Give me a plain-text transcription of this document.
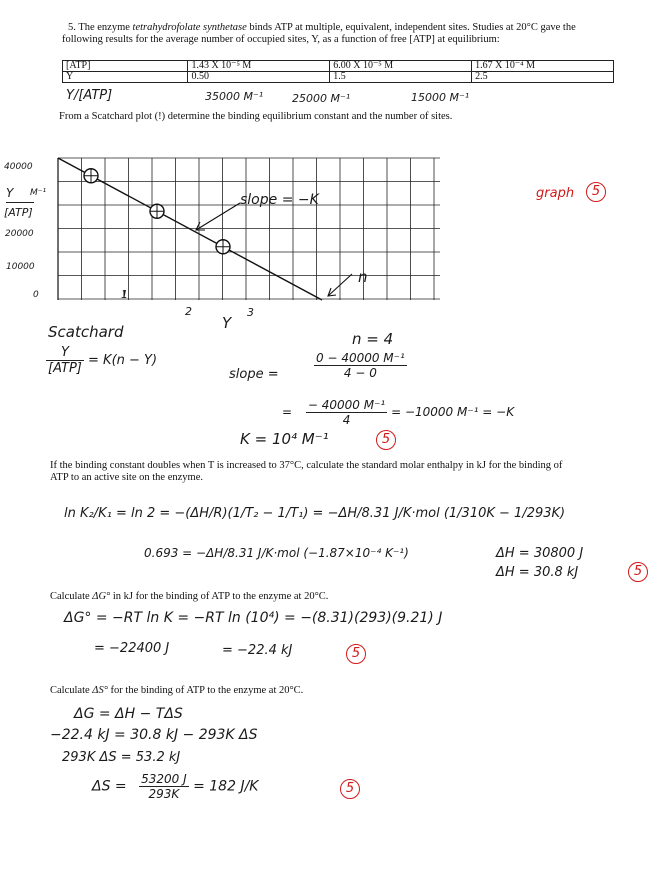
5. The enzyme tetrahydrofolate synthetase binds ATP at multiple, equivalent, independent sites. Studies at 20°C gave the
following results for the average number of occupied sites, Y, as a function of free [ATP] at equilibrium:
[ATP]	1.43 X 10⁻⁵ M	6.00 X 10⁻⁵ M	1.67 X 10⁻⁴ M
Y	0.50	1.5	2.5
Y/[ATP]	35000 M⁻¹	25000 M⁻¹	15000 M⁻¹
From a Scatchard plot (!) determine the binding equilibrium constant and the number of sites.
40000
Y M⁻¹
[ATP]
20000
10000
0
slope = −K
n
graph	5
1
2	3
Y
Scatchard
$\frac{Y}{\text{[ATP]}} = K(n - Y)$
n = 4
slope =	$\frac{\text{0 − 40000 M⁻¹}}{4 - 0}$
= $\frac{\text{− 40000 M⁻¹}}{4} = -10000$ M⁻¹ = −K
K = 10⁴ M⁻¹	5
If the binding constant doubles when T is increased to 37°C, calculate the standard molar enthalpy in kJ for the binding of
ATP to an active site on the enzyme.
ln K₂/K₁ = ln 2 = −(ΔH/R)(1/T₂ − 1/T₁) = −ΔH/8.31 J/K·mol (1/310K − 1/293K)
0.693 = −ΔH/8.31 J/K·mol (−1.87×10⁻⁴ K⁻¹)	ΔH = 30800 J
ΔH = 30.8 kJ	5
Calculate ΔG° in kJ for the binding of ATP to the enzyme at 20°C.
ΔG° = −RT ln K = −RT ln (10⁴) = −(8.31)(293)(9.21) J
= −22400 J	= −22.4 kJ	5
Calculate ΔS° for the binding of ATP to the enzyme at 20°C.
ΔG = ΔH − TΔS
−22.4 kJ = 30.8 kJ − 293K ΔS
293K ΔS = 53.2 kJ
$\Delta S = \frac{53200 J}{293K} = 182$ J/K	5
